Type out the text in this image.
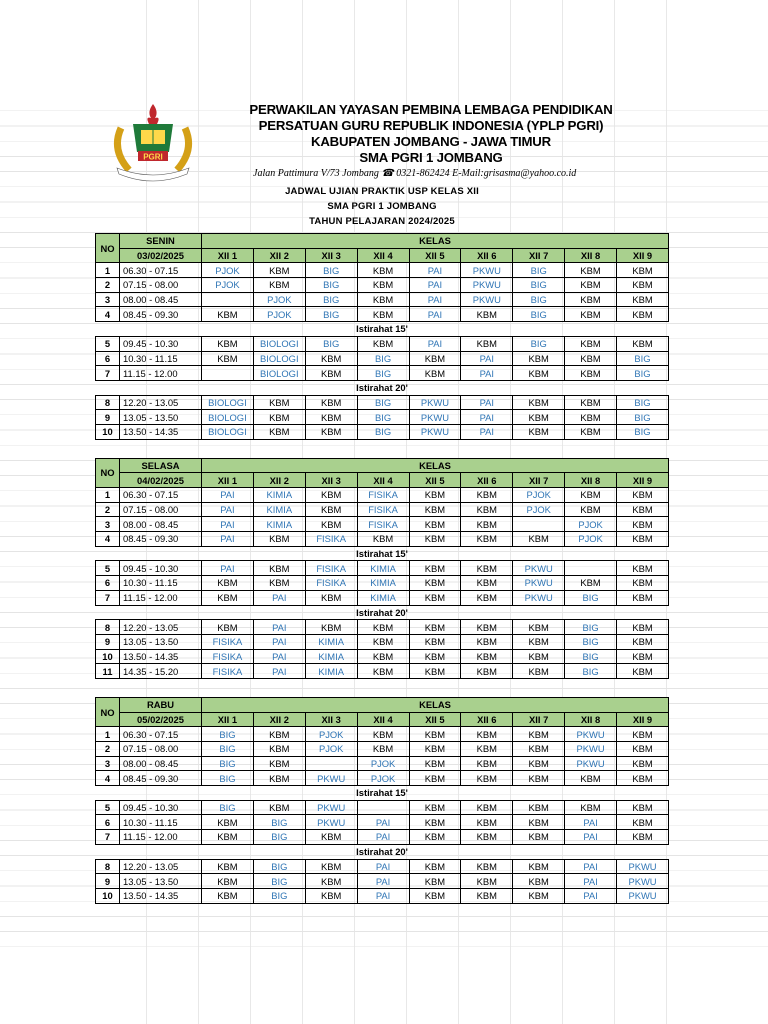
PGRI
PERWAKILAN YAYASAN PEMBINA LEMBAGA PENDIDIKAN
PERSATUAN GURU REPUBLIK INDONESIA (YPLP PGRI)
KABUPATEN JOMBANG - JAWA TIMUR
SMA PGRI 1 JOMBANG
Jalan Pattimura V/73 Jombang ☎ 0321-862424 E-Mail:grisasma@yahoo.co.id
JADWAL UJIAN PRAKTIK USP KELAS XII
SMA PGRI 1 JOMBANG
TAHUN PELAJARAN 2024/2025
NO	SENIN	KELAS								
	03/02/2025	XII 1	XII 2	XII 3	XII 4	XII 5	XII 6	XII 7	XII 8	XII 9
1	06.30 - 07.15	PJOK	KBM	BIG	KBM	PAI	PKWU	BIG	KBM	KBM
2	07.15 - 08.00	PJOK	KBM	BIG	KBM	PAI	PKWU	BIG	KBM	KBM
3	08.00 - 08.45		PJOK	BIG	KBM	PAI	PKWU	BIG	KBM	KBM
4	08.45 - 09.30	KBM	PJOK	BIG	KBM	PAI	KBM	BIG	KBM	KBM
Istirahat 15'										
5	09.45 - 10.30	KBM	BIOLOGI	BIG	KBM	PAI	KBM	BIG	KBM	KBM
6	10.30 - 11.15	KBM	BIOLOGI	KBM	BIG	KBM	PAI	KBM	KBM	BIG
7	11.15 - 12.00		BIOLOGI	KBM	BIG	KBM	PAI	KBM	KBM	BIG
Istirahat 20'										
8	12.20 - 13.05	BIOLOGI	KBM	KBM	BIG	PKWU	PAI	KBM	KBM	BIG
9	13.05 - 13.50	BIOLOGI	KBM	KBM	BIG	PKWU	PAI	KBM	KBM	BIG
10	13.50 - 14.35	BIOLOGI	KBM	KBM	BIG	PKWU	PAI	KBM	KBM	BIG
NO	SELASA	KELAS								
	04/02/2025	XII 1	XII 2	XII 3	XII 4	XII 5	XII 6	XII 7	XII 8	XII 9
1	06.30 - 07.15	PAI	KIMIA	KBM	FISIKA	KBM	KBM	PJOK	KBM	KBM
2	07.15 - 08.00	PAI	KIMIA	KBM	FISIKA	KBM	KBM	PJOK	KBM	KBM
3	08.00 - 08.45	PAI	KIMIA	KBM	FISIKA	KBM	KBM		PJOK	KBM
4	08.45 - 09.30	PAI	KBM	FISIKA	KBM	KBM	KBM	KBM	PJOK	KBM
Istirahat 15'										
5	09.45 - 10.30	PAI	KBM	FISIKA	KIMIA	KBM	KBM	PKWU		KBM
6	10.30 - 11.15	KBM	KBM	FISIKA	KIMIA	KBM	KBM	PKWU	KBM	KBM
7	11.15 - 12.00	KBM	PAI	KBM	KIMIA	KBM	KBM	PKWU	BIG	KBM
Istirahat 20'										
8	12.20 - 13.05	KBM	PAI	KBM	KBM	KBM	KBM	KBM	BIG	KBM
9	13.05 - 13.50	FISIKA	PAI	KIMIA	KBM	KBM	KBM	KBM	BIG	KBM
10	13.50 - 14.35	FISIKA	PAI	KIMIA	KBM	KBM	KBM	KBM	BIG	KBM
11	14.35 - 15.20	FISIKA	PAI	KIMIA	KBM	KBM	KBM	KBM	BIG	KBM
NO	RABU	KELAS								
	05/02/2025	XII 1	XII 2	XII 3	XII 4	XII 5	XII 6	XII 7	XII 8	XII 9
1	06.30 - 07.15	BIG	KBM	PJOK	KBM	KBM	KBM	KBM	PKWU	KBM
2	07.15 - 08.00	BIG	KBM	PJOK	KBM	KBM	KBM	KBM	PKWU	KBM
3	08.00 - 08.45	BIG	KBM		PJOK	KBM	KBM	KBM	PKWU	KBM
4	08.45 - 09.30	BIG	KBM	PKWU	PJOK	KBM	KBM	KBM	KBM	KBM
Istirahat 15'										
5	09.45 - 10.30	BIG	KBM	PKWU		KBM	KBM	KBM	KBM	KBM
6	10.30 - 11.15	KBM	BIG	PKWU	PAI	KBM	KBM	KBM	PAI	KBM
7	11.15 - 12.00	KBM	BIG	KBM	PAI	KBM	KBM	KBM	PAI	KBM
Istirahat 20'										
8	12.20 - 13.05	KBM	BIG	KBM	PAI	KBM	KBM	KBM	PAI	PKWU
9	13.05 - 13.50	KBM	BIG	KBM	PAI	KBM	KBM	KBM	PAI	PKWU
10	13.50 - 14.35	KBM	BIG	KBM	PAI	KBM	KBM	KBM	PAI	PKWU
